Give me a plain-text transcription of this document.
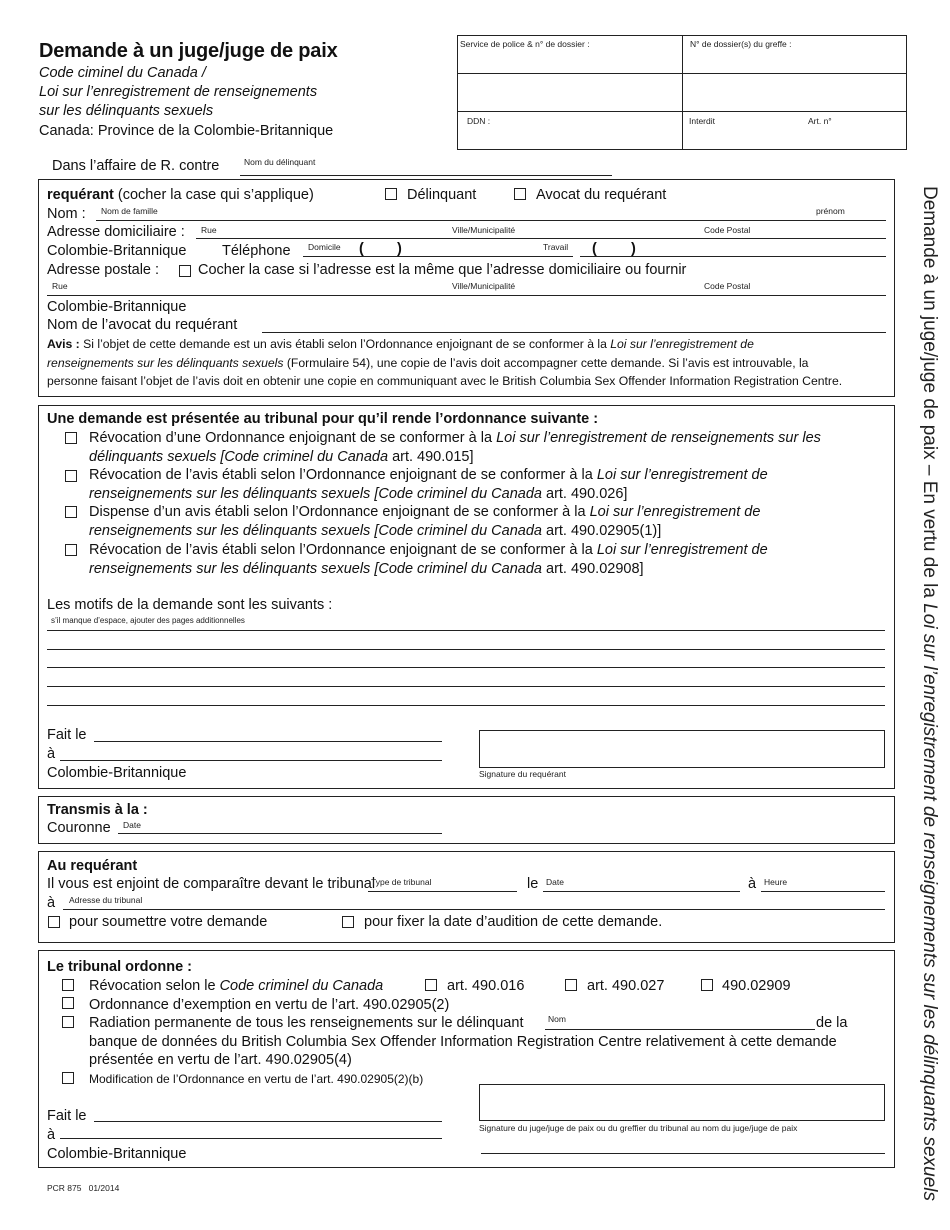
Demande à un juge/juge de paix
Code ciminel du Canada /
Loi sur l’enregistrement de renseignements
sur les délinquants sexuels
Canada: Province de la Colombie-Britannique
Service de police & n° de dossier :	N° de dossier(s) du greffe :
DDN :	Interdit	Art. n°
Dans l’affaire de R. contre	Nom du délinquant
requérant (cocher la case qui s’applique)	Délinquant	Avocat du requérant
Nom : Nom de famille	prénom
Adresse domiciliaire : Rue	Ville/Municipalité	Code Postal
Colombie-Britannique Téléphone Domicile ( )	Travail ( )
Adresse postale :	Cocher la case si l’adresse est la même que l’adresse domiciliaire ou fournir
Rue	Ville/Municipalité	Code Postal
Colombie-Britannique
Nom de l’avocat du requérant
Avis : Si l’objet de cette demande est un avis établi selon l’Ordonnance enjoignant de se conformer à la Loi sur l’enregistrement de
renseignements sur les délinquants sexuels (Formulaire 54), une copie de l’avis doit accompagner cette demande. Si l’avis est introuvable, la
personne faisant l’objet de l’avis doit en obtenir une copie en communiquant avec le British Columbia Sex Offender Information Registration Centre.
Une demande est présentée au tribunal pour qu’il rende l’ordonnance suivante :
Révocation d’une Ordonnance enjoignant de se conformer à la Loi sur l’enregistrement de renseignements sur les
délinquants sexuels [Code criminel du Canada art. 490.015]
Révocation de l’avis établi selon l’Ordonnance enjoignant de se conformer à la Loi sur l’enregistrement de
renseignements sur les délinquants sexuels [Code criminel du Canada art. 490.026]
Dispense d’un avis établi selon l’Ordonnance enjoignant de se conformer à la Loi sur l’enregistrement de
renseignements sur les délinquants sexuels [Code criminel du Canada art. 490.02905(1)]
Révocation de l’avis établi selon l’Ordonnance enjoignant de se conformer à la Loi sur l’enregistrement de
renseignements sur les délinquants sexuels [Code criminel du Canada art. 490.02908]
Les motifs de la demande sont les suivants :
s’il manque d’espace, ajouter des pages additionnelles
Fait le
à
Colombie-Britannique	Signature du requérant
Transmis à la :
Couronne Date
Au requérant
Il vous est enjoint de comparaître devant le tribunal
Type de tribunal	le Date	à Heure
à Adresse du tribunal
pour soumettre votre demande	pour fixer la date d’audition de cette demande.
Le tribunal ordonne :
Révocation selon le Code criminel du Canada	art. 490.016	art. 490.027	490.02909
Ordonnance d’exemption en vertu de l’art. 490.02905(2)
Radiation permanente de tous les renseignements sur le délinquant	Nom	de la
banque de données du British Columbia Sex Offender Information Registration Centre relativement à cette demande
présentée en vertu de l’art. 490.02905(4)
Modification de l’Ordonnance en vertu de l’art. 490.02905(2)(b)
Fait le
à
Colombie-Britannique
Signature du juge/juge de paix ou du greffier du tribunal au nom du juge/juge de paix
PCR 875 01/2014
Demande à un juge/juge de paix – En vertu de la Loi sur l’enregistrement de renseignements sur les délinquants sexuels
